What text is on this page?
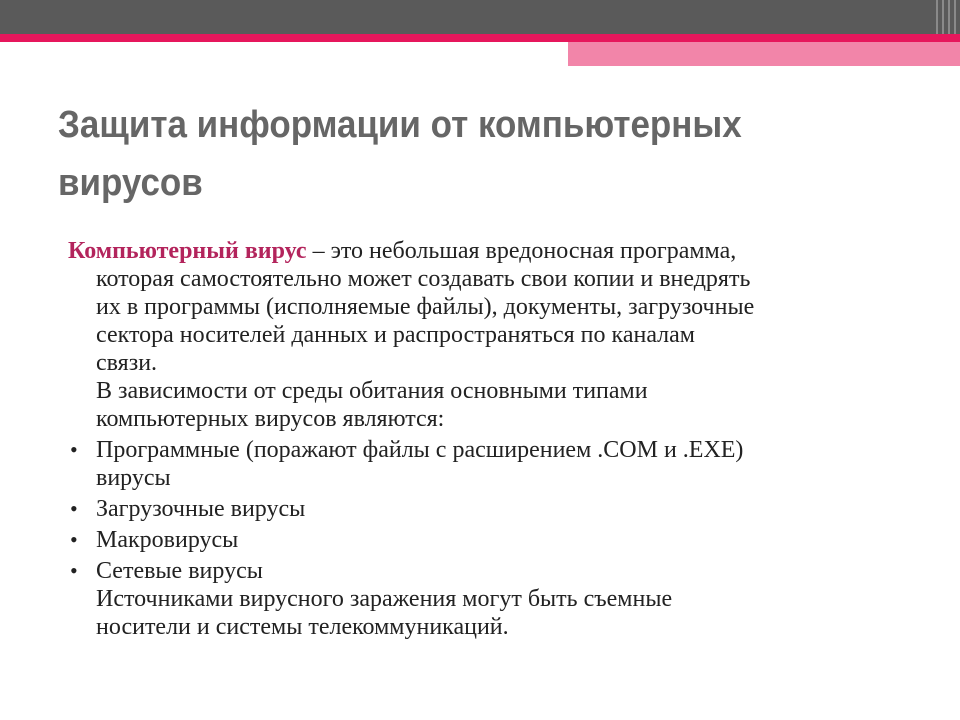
Защита информации от компьютерных вирусов
Компьютерный вирус – это небольшая вредоносная программа,
которая самостоятельно может создавать свои копии и внедрять
их в программы (исполняемые файлы), документы, загрузочные
сектора носителей данных и распространяться по каналам
связи.
В зависимости от среды обитания основными типами
компьютерных вирусов являются:
• Программные (поражают файлы с расширением .COM и .EXE)
вирусы
• Загрузочные вирусы
• Макровирусы
• Сетевые вирусы
Источниками вирусного заражения могут быть съемные
носители и системы телекоммуникаций.
